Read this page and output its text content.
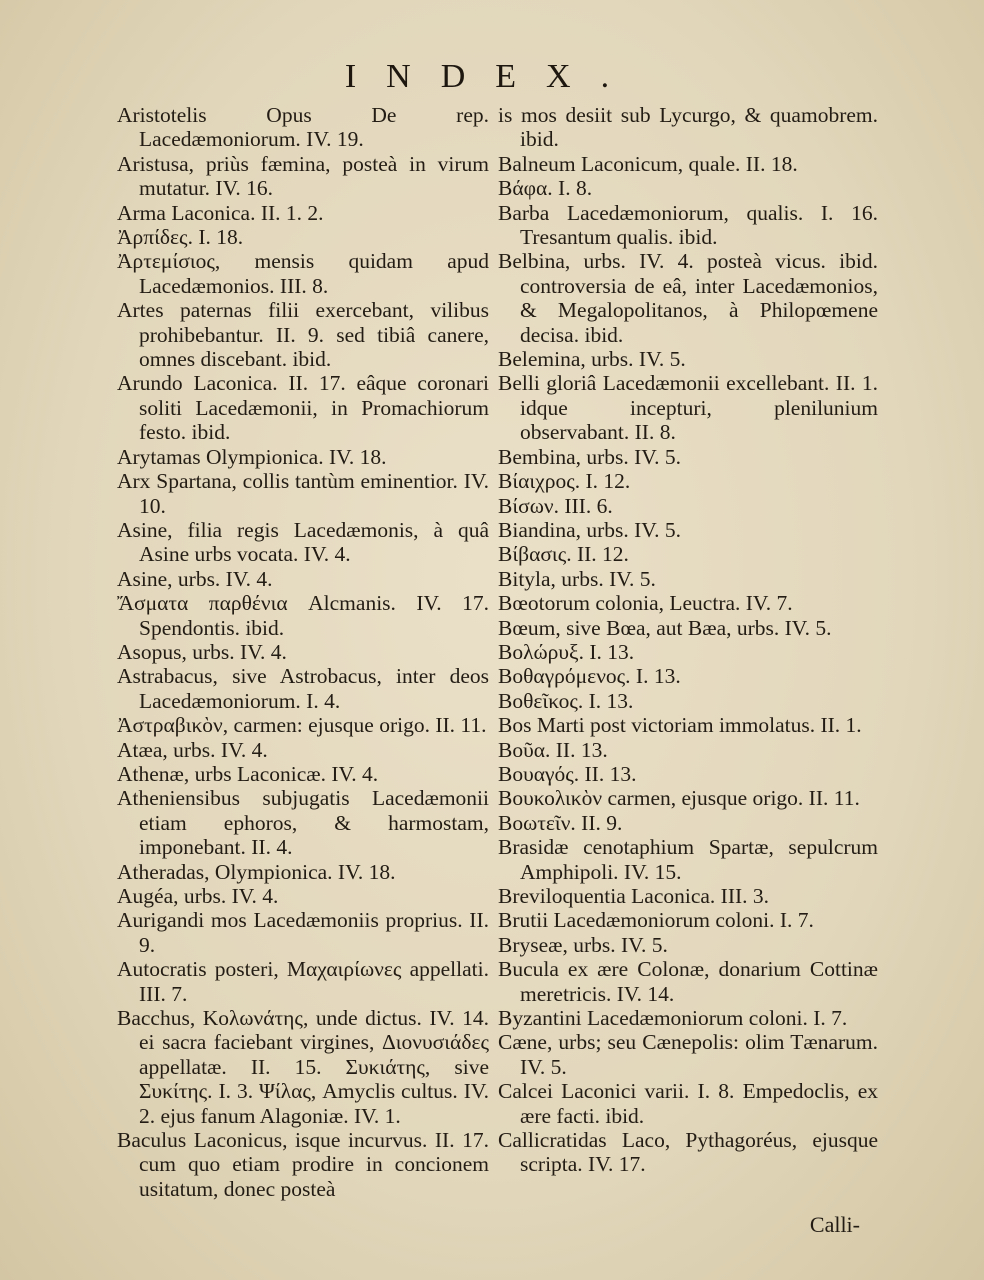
INDEX.

Aristotelis Opus De rep. Lacedæmoniorum. IV. 19.

Aristusa, priùs fæmina, posteà in virum mutatur. IV. 16.

Arma Laconica. II. 1. 2.

Ἀρπίδες. I. 18.

Ἀρτεμίσιος, mensis quidam apud Lacedæmonios. III. 8.

Artes paternas filii exercebant, vilibus prohibebantur. II. 9. sed tibiâ canere, omnes discebant. ibid.

Arundo Laconica. II. 17. eâque coronari soliti Lacedæmonii, in Promachiorum festo. ibid.

Arytamas Olympionica. IV. 18.

Arx Spartana, collis tantùm eminentior. IV. 10.

Asine, filia regis Lacedæmonis, à quâ Asine urbs vocata. IV. 4.

Asine, urbs. IV. 4.

Ἄσματα παρθένια Alcmanis. IV. 17. Spendontis. ibid.

Asopus, urbs. IV. 4.

Astrabacus, sive Astrobacus, inter deos Lacedæmoniorum. I. 4.

Ἀστραβικὸν, carmen: ejusque origo. II. 11.

Atæa, urbs. IV. 4.

Athenæ, urbs Laconicæ. IV. 4.

Atheniensibus subjugatis Lacedæmonii etiam ephoros, & harmostam, imponebant. II. 4.

Atheradas, Olympionica. IV. 18.

Augéa, urbs. IV. 4.

Aurigandi mos Lacedæmoniis proprius. II. 9.

Autocratis posteri, Μαχαιρίωνες appellati. III. 7.

Bacchus, Κολωνάτης, unde dictus. IV. 14. ei sacra faciebant virgines, Διονυσιάδες appellatæ. II. 15. Συκιάτης, sive Συκίτης. I. 3. Ψίλας, Amyclis cultus. IV. 2. ejus fanum Alagoniæ. IV. 1.

Baculus Laconicus, isque incurvus. II. 17. cum quo etiam prodire in concionem usitatum, donec posteà

is mos desiit sub Lycurgo, & quamobrem. ibid.

Balneum Laconicum, quale. II. 18.

Βάφα. I. 8.

Barba Lacedæmoniorum, qualis. I. 16. Tresantum qualis. ibid.

Belbina, urbs. IV. 4. posteà vicus. ibid. controversia de eâ, inter Lacedæmonios, & Megalopolitanos, à Philopœmene decisa. ibid.

Belemina, urbs. IV. 5.

Belli gloriâ Lacedæmonii excellebant. II. 1. idque incepturi, plenilunium observabant. II. 8.

Bembina, urbs. IV. 5.

Βίαιχρος. I. 12.

Βίσων. III. 6.

Biandina, urbs. IV. 5.

Βίβασις. II. 12.

Bityla, urbs. IV. 5.

Bœotorum colonia, Leuctra. IV. 7.

Bœum, sive Bœa, aut Bæa, urbs. IV. 5.

Βολώρυξ. I. 13.

Βοθαγρόμενος. I. 13.

Βοθεῖκος. I. 13.

Bos Marti post victoriam immolatus. II. 1.

Βοῦα. II. 13.

Βουαγός. II. 13.

Βουκολικὸν carmen, ejusque origo. II. 11.

Βοωτεῖν. II. 9.

Brasidæ cenotaphium Spartæ, sepulcrum Amphipoli. IV. 15.

Breviloquentia Laconica. III. 3.

Brutii Lacedæmoniorum coloni. I. 7.

Bryseæ, urbs. IV. 5.

Bucula ex ære Colonæ, donarium Cottinæ meretricis. IV. 14.

Byzantini Lacedæmoniorum coloni. I. 7.

Cæne, urbs; seu Cænepolis: olim Tænarum. IV. 5.

Calcei Laconici varii. I. 8. Empedoclis, ex ære facti. ibid.

Callicratidas Laco, Pythagoréus, ejusque scripta. IV. 17.

Calli-
